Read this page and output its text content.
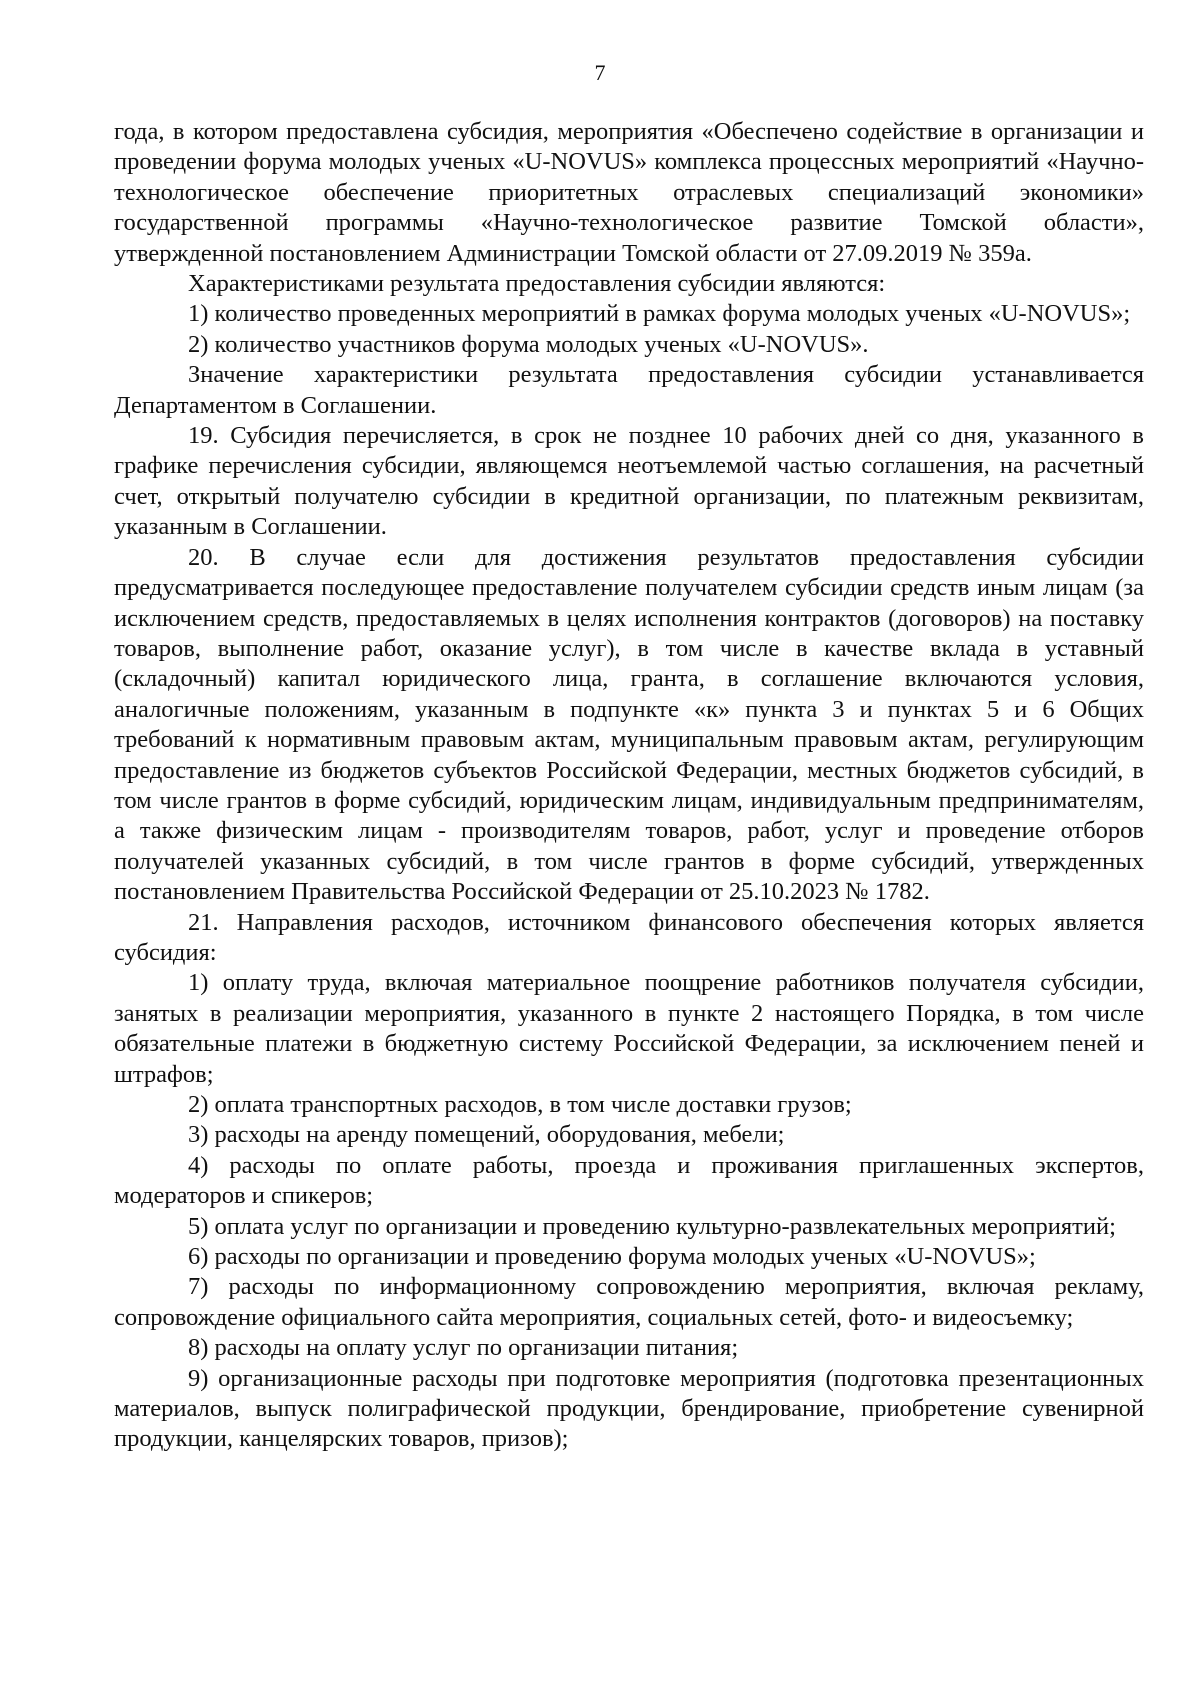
7

года, в котором предоставлена субсидия, мероприятия «Обеспечено содействие в организации и проведении форума молодых ученых «U-NOVUS» комплекса процессных мероприятий «Научно-технологическое обеспечение приоритетных отраслевых специализаций экономики» государственной программы «Научно-технологическое развитие Томской области», утвержденной постановлением Администрации Томской области от 27.09.2019 № 359а.

Характеристиками результата предоставления субсидии являются:

1) количество проведенных мероприятий в рамках форума молодых ученых «U-NOVUS»;

2) количество участников форума молодых ученых «U-NOVUS».

Значение характеристики результата предоставления субсидии устанавливается Департаментом в Соглашении.

19. Субсидия перечисляется, в срок не позднее 10 рабочих дней со дня, указанного в графике перечисления субсидии, являющемся неотъемлемой частью соглашения, на расчетный счет, открытый получателю субсидии в кредитной организации, по платежным реквизитам, указанным в Соглашении.

20. В случае если для достижения результатов предоставления субсидии предусматривается последующее предоставление получателем субсидии средств иным лицам (за исключением средств, предоставляемых в целях исполнения контрактов (договоров) на поставку товаров, выполнение работ, оказание услуг), в том числе в качестве вклада в уставный (складочный) капитал юридического лица, гранта, в соглашение включаются условия, аналогичные положениям, указанным в подпункте «к» пункта 3 и пунктах 5 и 6 Общих требований к нормативным правовым актам, муниципальным правовым актам, регулирующим предоставление из бюджетов субъектов Российской Федерации, местных бюджетов субсидий, в том числе грантов в форме субсидий, юридическим лицам, индивидуальным предпринимателям, а также физическим лицам - производителям товаров, работ, услуг и проведение отборов получателей указанных субсидий, в том числе грантов в форме субсидий, утвержденных постановлением Правительства Российской Федерации от 25.10.2023 № 1782.

21. Направления расходов, источником финансового обеспечения которых является субсидия:

1) оплату труда, включая материальное поощрение работников получателя субсидии, занятых в реализации мероприятия, указанного в пункте 2 настоящего Порядка, в том числе обязательные платежи в бюджетную систему Российской Федерации, за исключением пеней и штрафов;

2) оплата транспортных расходов, в том числе доставки грузов;

3) расходы на аренду помещений, оборудования, мебели;

4) расходы по оплате работы, проезда и проживания приглашенных экспертов, модераторов и спикеров;

5) оплата услуг по организации и проведению культурно-развлекательных мероприятий;

6) расходы по организации и проведению форума молодых ученых «U-NOVUS»;

7) расходы по информационному сопровождению мероприятия, включая рекламу, сопровождение официального сайта мероприятия, социальных сетей, фото- и видеосъемку;

8) расходы на оплату услуг по организации питания;

9) организационные расходы при подготовке мероприятия (подготовка презентационных материалов, выпуск полиграфической продукции, брендирование, приобретение сувенирной продукции, канцелярских товаров, призов);
